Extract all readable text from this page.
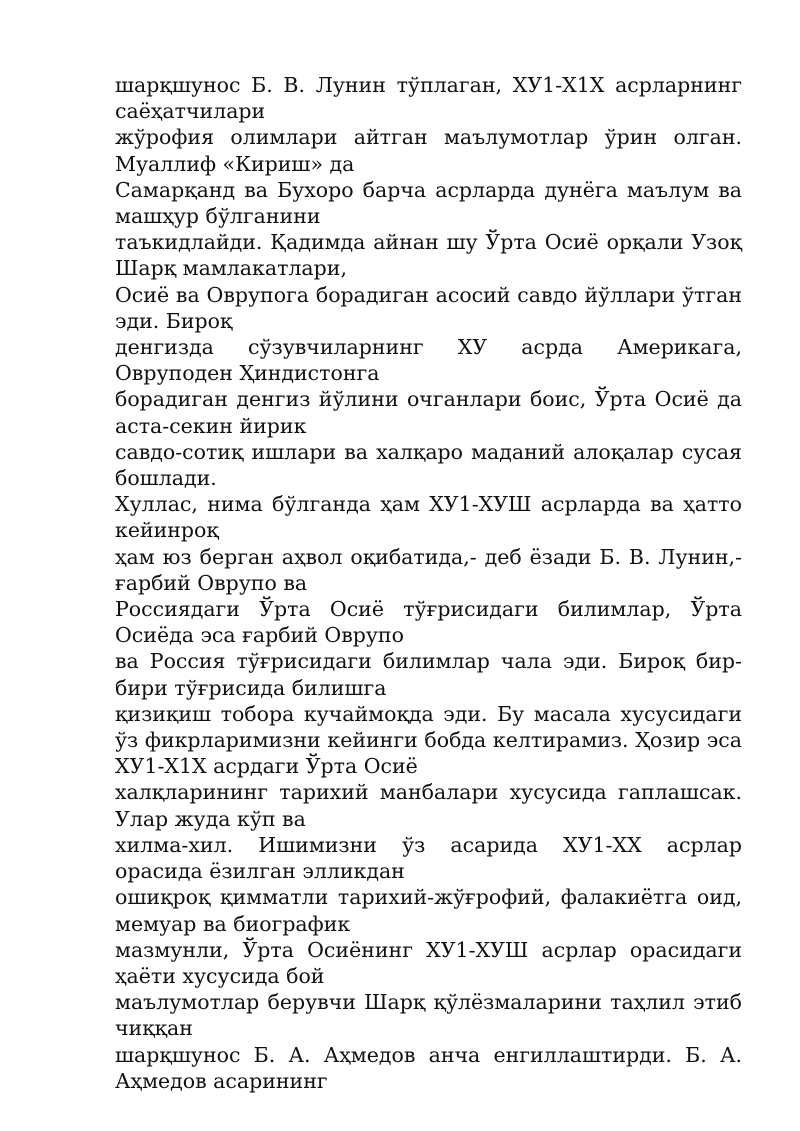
шарқшунос Б. В. Лунин тўплаган, ХУ1-Х1Х асрларнинг саёҳатчилари

жўрофия олимлари айтган маълумотлар ўрин олган. Муаллиф «Кириш» да

Самарқанд ва Бухоро барча асрларда дунёга маълум ва машҳур бўлганини

таъкидлайди. Қадимда айнан шу Ўрта Осиё орқали Узоқ Шарқ мамлакатлари,

Осиё ва Оврупога борадиган асосий савдо йўллари ўтган эди. Бироқ

денгизда сўзувчиларнинг ХУ асрда Америкага, Овруподен Ҳиндистонга

борадиган денгиз йўлини очганлари боис, Ўрта Осиё да аста-секин йирик

савдо-сотиқ ишлари ва халқаро маданий алоқалар сусая бошлади.

Хуллас, нима бўлганда ҳам ХУ1-ХУШ асрларда ва ҳатто кейинроқ

ҳам юз берган аҳвол оқибатида,- деб ёзади Б. В. Лунин,- ғарбий Оврупо ва

Россиядаги Ўрта Осиё тўғрисидаги билимлар, Ўрта Осиёда эса ғарбий Оврупо

ва Россия тўғрисидаги билимлар чала эди. Бироқ бир-бири тўғрисида билишга

қизиқиш тобора кучаймоқда эди. Бу масала хусусидаги ўз фикрларимизни кейинги бобда келтирамиз. Ҳозир эса ХУ1-Х1Х асрдаги Ўрта Осиё

халқларининг тарихий манбалари хусусида гаплашсак. Улар жуда кўп ва

хилма-хил. Ишимизни ўз асарида ХУ1-ХХ асрлар орасида ёзилган элликдан

ошиқроқ қимматли тарихий-жўғрофий, фалакиётга оид, мемуар ва биографик

мазмунли, Ўрта Осиёнинг ХУ1-ХУШ асрлар орасидаги ҳаёти хусусида бой

маълумотлар берувчи Шарқ қўлёзмаларини таҳлил этиб чиққан

шарқшунос Б. А. Аҳмедов анча енгиллаштирди. Б. А. Аҳмедов асарининг
